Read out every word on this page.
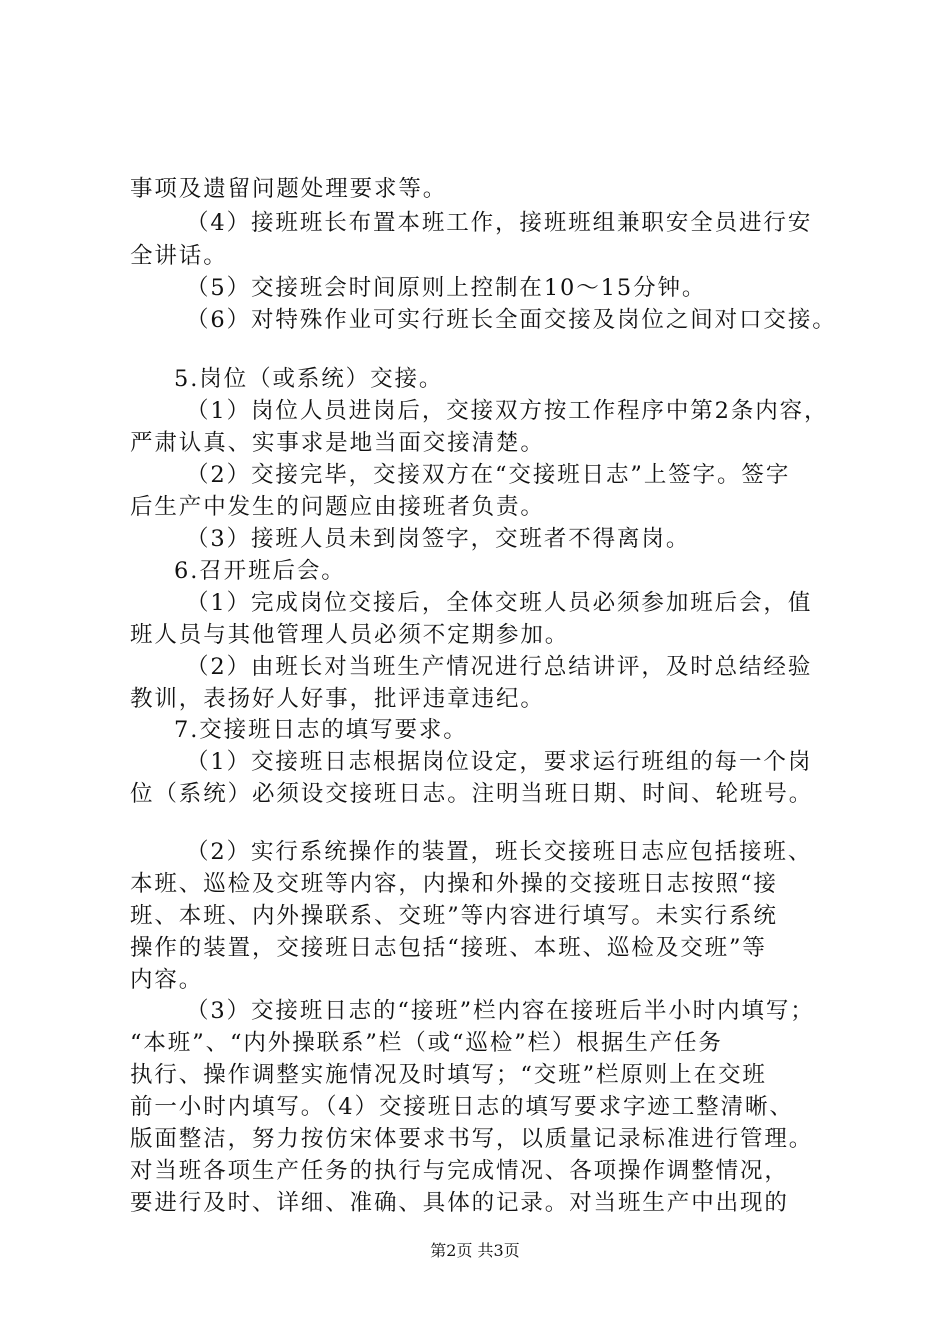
事项及遗留问题处理要求等。
（4）接班班长布置本班工作，接班班组兼职安全员进行安
全讲话。
（5）交接班会时间原则上控制在10～15分钟。
（6）对特殊作业可实行班长全面交接及岗位之间对口交接。
5.岗位（或系统）交接。
（1）岗位人员进岗后，交接双方按工作程序中第2条内容，
严肃认真、实事求是地当面交接清楚。
（2）交接完毕，交接双方在“交接班日志”上签字。签字
后生产中发生的问题应由接班者负责。
（3）接班人员未到岗签字，交班者不得离岗。
6.召开班后会。
（1）完成岗位交接后，全体交班人员必须参加班后会，值
班人员与其他管理人员必须不定期参加。
（2）由班长对当班生产情况进行总结讲评，及时总结经验
教训，表扬好人好事，批评违章违纪。
7.交接班日志的填写要求。
（1）交接班日志根据岗位设定，要求运行班组的每一个岗
位（系统）必须设交接班日志。注明当班日期、时间、轮班号。
（2）实行系统操作的装置，班长交接班日志应包括接班、
本班、巡检及交班等内容，内操和外操的交接班日志按照“接
班、本班、内外操联系、交班”等内容进行填写。未实行系统
操作的装置，交接班日志包括“接班、本班、巡检及交班”等
内容。
（3）交接班日志的“接班”栏内容在接班后半小时内填写；
“本班”、“内外操联系”栏（或“巡检”栏）根据生产任务
执行、操作调整实施情况及时填写；“交班”栏原则上在交班
前一小时内填写。（4）交接班日志的填写要求字迹工整清晰、
版面整洁，努力按仿宋体要求书写，以质量记录标准进行管理。
对当班各项生产任务的执行与完成情况、各项操作调整情况，
要进行及时、详细、准确、具体的记录。对当班生产中出现的
第2页 共3页
